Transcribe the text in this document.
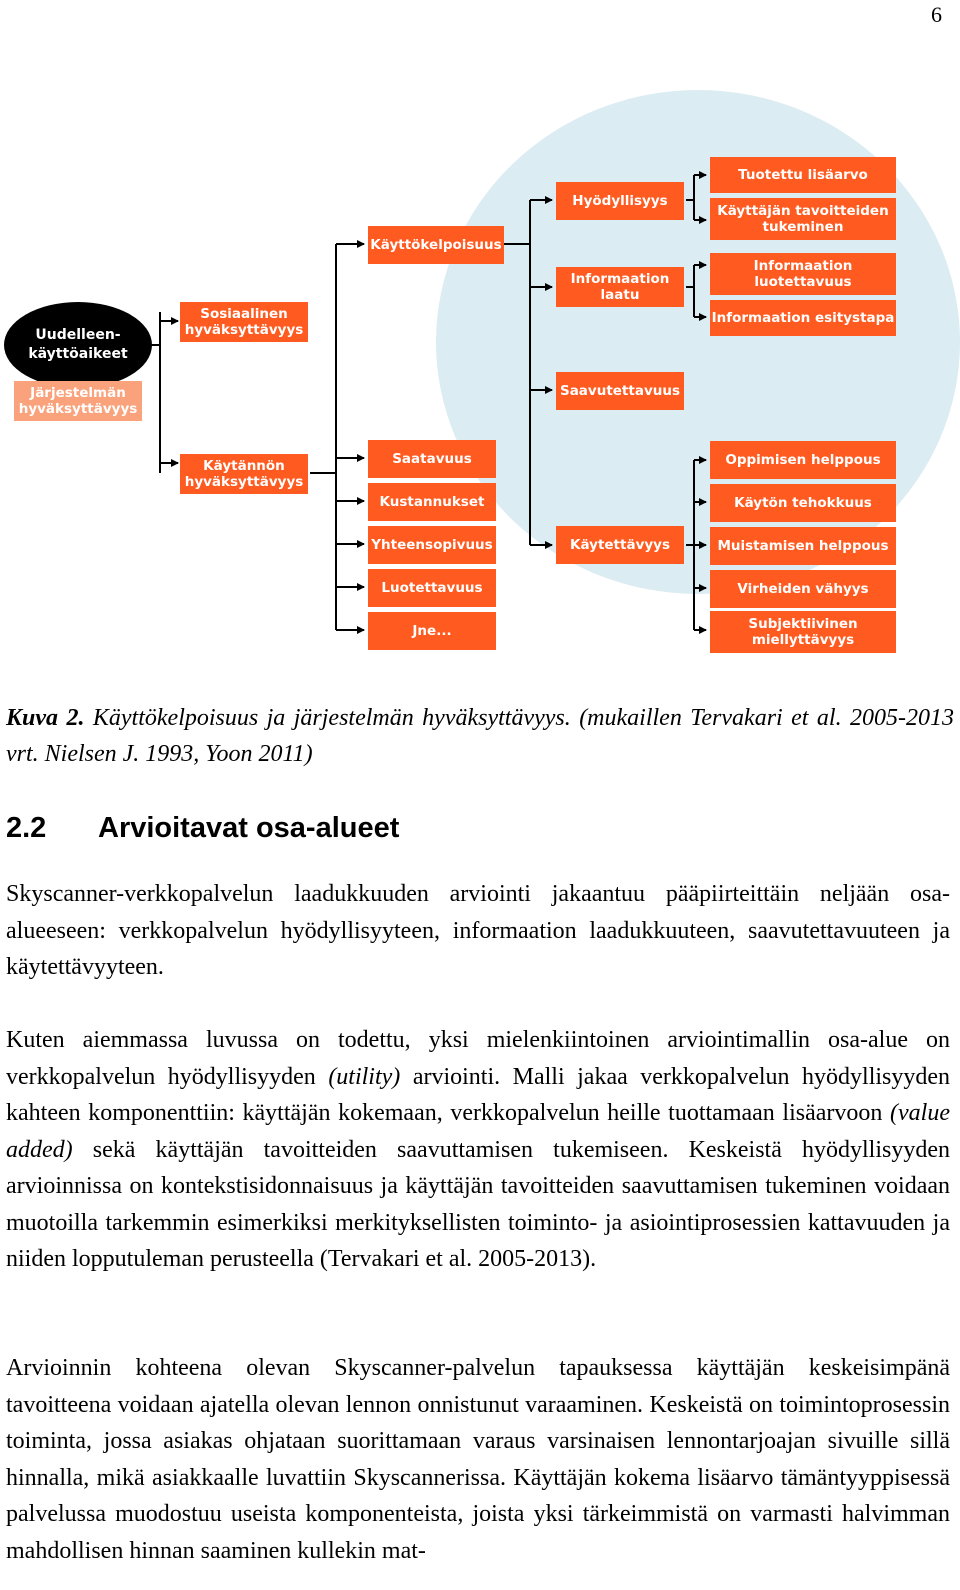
6
Uudelleen-käyttöaikeet
Järjestelmän hyväksyttävyys
Sosiaalinen hyväksyttävyys
Käytännön hyväksyttävyys
Käyttökelpoisuus
Saatavuus
Kustannukset
Yhteensopivuus
Luotettavuus
Jne...
Hyödyllisyys
Informaation laatu
Saavutettavuus
Käytettävyys
Tuotettu lisäarvo
Käyttäjän tavoitteiden tukeminen
Informaation luotettavuus
Informaation esitystapa
Oppimisen helppous
Käytön tehokkuus
Muistamisen helppous
Virheiden vähyys
Subjektiivinen miellyttävyys
Kuva 2. Käyttökelpoisuus ja järjestelmän hyväksyttävyys. (mukaillen Tervakari et al. 2005-2013 vrt. Nielsen J. 1993, Yoon 2011)
2.2 Arvioitavat osa-alueet
Skyscanner-verkkopalvelun laadukkuuden arviointi jakaantuu pääpiirteittäin neljään osa-alueeseen: verkkopalvelun hyödyllisyyteen, informaation laadukkuuteen, saavutettavuuteen ja käytettävyyteen.
Kuten aiemmassa luvussa on todettu, yksi mielenkiintoinen arviointimallin osa-alue on verkkopalvelun hyödyllisyyden (utility) arviointi. Malli jakaa verkkopalvelun hyödyllisyyden kahteen komponenttiin: käyttäjän kokemaan, verkkopalvelun heille tuottamaan lisäarvoon (value added) sekä käyttäjän tavoitteiden saavuttamisen tukemiseen. Keskeistä hyödyllisyyden arvioinnissa on kontekstisidonnaisuus ja käyttäjän tavoitteiden saavuttamisen tukeminen voidaan muotoilla tarkemmin esimerkiksi merkityksellisten toiminto- ja asiointiprosessien kattavuuden ja niiden lopputuleman perusteella (Tervakari et al. 2005-2013).
Arvioinnin kohteena olevan Skyscanner-palvelun tapauksessa käyttäjän keskeisimpänä tavoitteena voidaan ajatella olevan lennon onnistunut varaaminen. Keskeistä on toimintoprosessin toiminta, jossa asiakas ohjataan suorittamaan varaus varsinaisen lennontarjoajan sivuille sillä hinnalla, mikä asiakkaalle luvattiin Skyscannerissa. Käyttäjän kokema lisäarvo tämäntyyppisessä palvelussa muodostuu useista komponenteista, joista yksi tärkeimmistä on varmasti halvimman mahdollisen hinnan saaminen kullekin mat-
